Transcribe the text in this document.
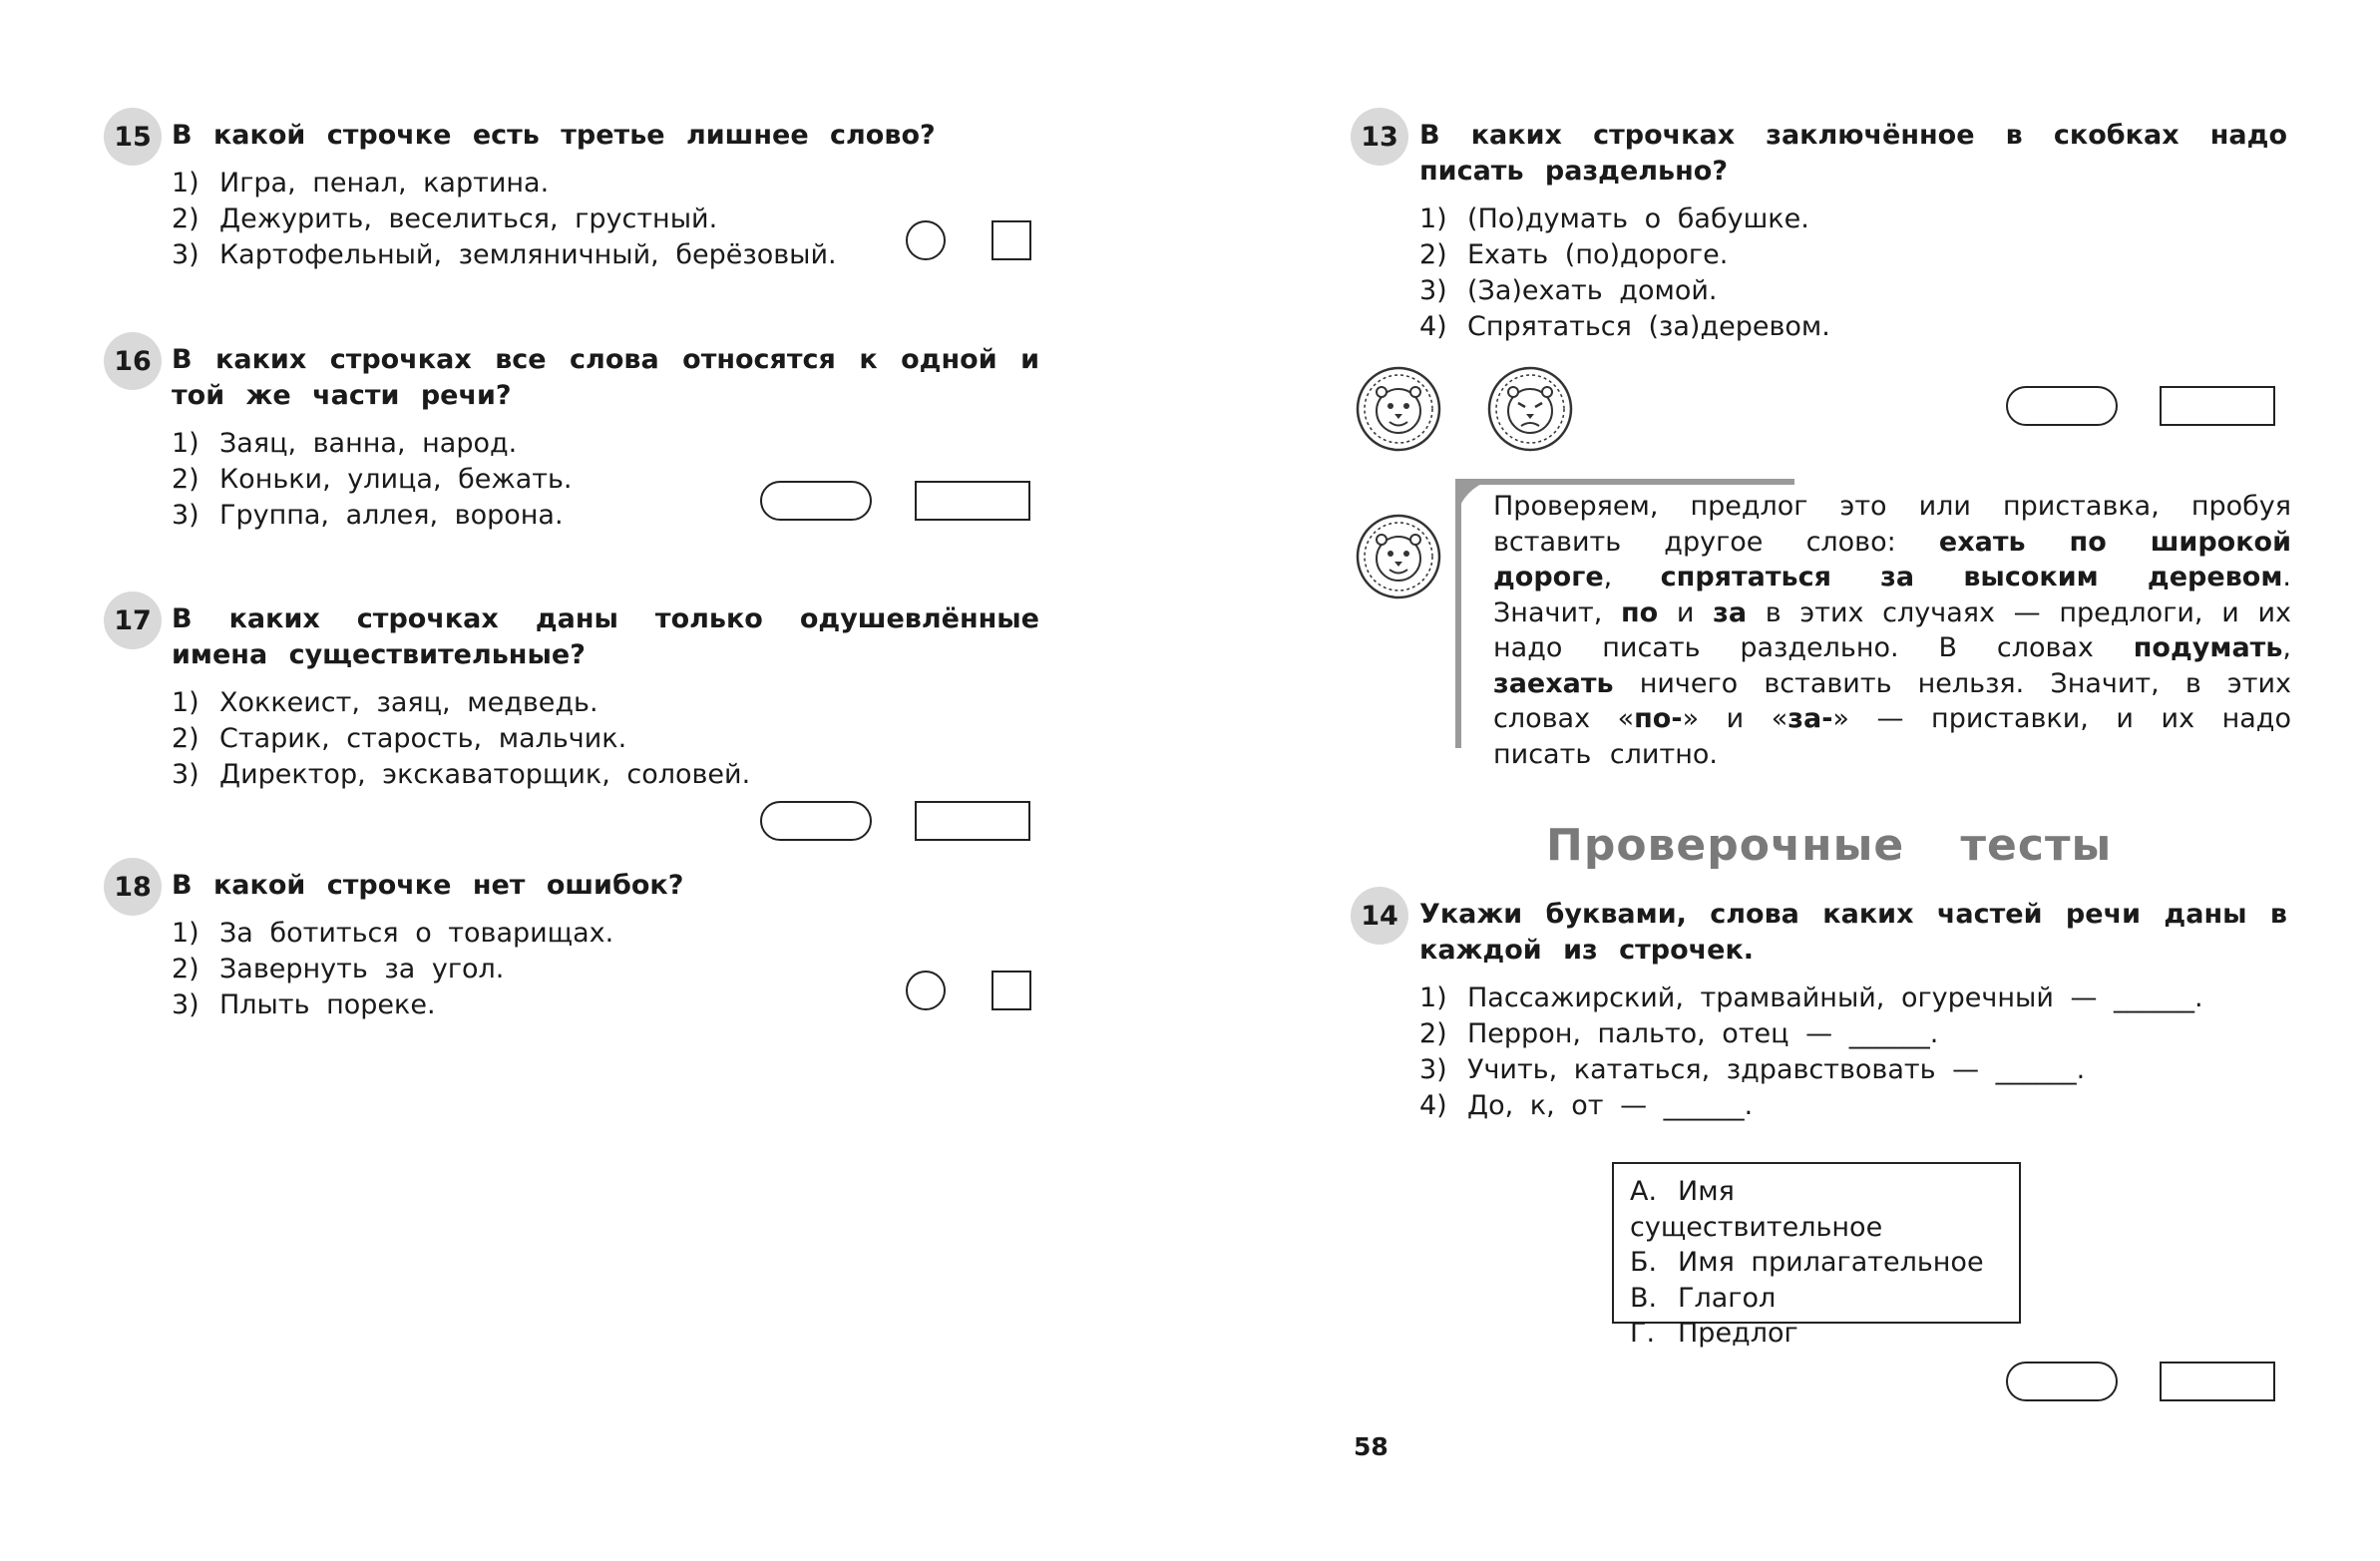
15 В какой строчке есть третье лишнее слово?
1) Игра, пенал, картина.
2) Дежурить, веселиться, грустный.
3) Картофельный, земляничный, берёзовый.
16 В каких строчках все слова относятся к одной и той же части речи?
1) Заяц, ванна, народ.
2) Коньки, улица, бежать.
3) Группа, аллея, ворона.
17 В каких строчках даны только одушевлённые имена существительные?
1) Хоккеист, заяц, медведь.
2) Старик, старость, мальчик.
3) Директор, экскаваторщик, соловей.
18 В какой строчке нет ошибок?
1) За ботиться о товарищах.
2) Завернуть за угол.
3) Плыть пореке.
13 В каких строчках заключённое в скобках надо писать раздельно?
1) (По)думать о бабушке.
2) Ехать (по)дороге.
3) (За)ехать домой.
4) Спрятаться (за)деревом.
Проверяем, предлог это или приставка, пробуя вставить другое слово: ехать по широкой дороге, спрятаться за высоким деревом. Значит, по и за в этих случаях — предлоги, и их надо писать раздельно. В словах подумать, заехать ничего вставить нельзя. Значит, в этих словах «по-» и «за-» — приставки, и их надо писать слитно.
Проверочные тесты
14 Укажи буквами, слова каких частей речи даны в каждой из строчек.
1) Пассажирский, трамвайный, огуречный — ______.
2) Перрон, пальто, отец — ______.
3) Учить, кататься, здравствовать — ______.
4) До, к, от — ______.
А. Имя существительное
Б. Имя прилагательное
В. Глагол
Г. Предлог
58
